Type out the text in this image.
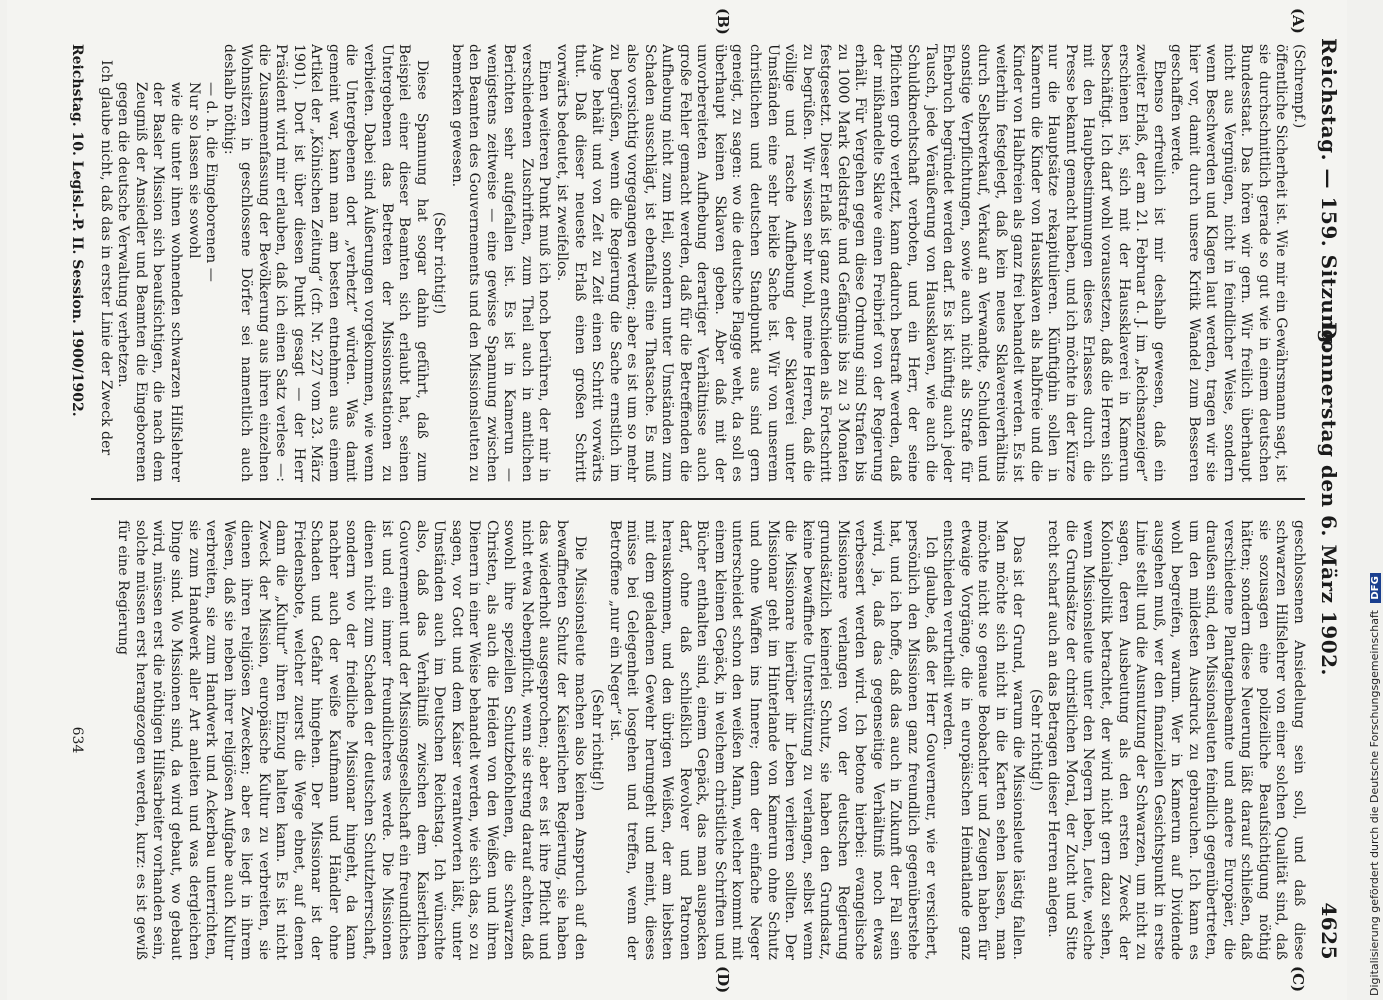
Reichstag. — 159. Sitzung.
Donnerstag den 6. März 1902.
4625
(A)
(B)
(C)
(D)

(Schrempf.)

öffentliche Sicherheit ist. Wie mir ein Gewährsmann sagt, ist sie durchschnittlich gerade so gut wie in einem deutschen Bundesstaat. Das hören wir gern. Wir freilich überhaupt nicht aus Vergnügen, nicht in feindlicher Weise, sondern wenn Beschwerden und Klagen laut werden, tragen wir sie hier vor, damit durch unsere Kritik Wandel zum Besseren geschaffen werde.

Ebenso erfreulich ist mir deshalb gewesen, daß ein zweiter Erlaß, der am 21. Februar d. J. im „Reichsanzeiger“ erschienen ist, sich mit der Haussklaverei in Kamerun beschäftigt. Ich darf wohl voraussetzen, daß die Herren sich mit den Hauptbestimmungen dieses Erlasses durch die Presse bekannt gemacht haben, und ich möchte in der Kürze nur die Hauptsätze rekapitulieren. Künftighin sollen in Kamerun die Kinder von Haussklaven als halbfreie und die Kinder von Halbfreien als ganz frei behandelt werden. Es ist weiterhin festgelegt, daß kein neues Sklavereiverhältnis durch Selbstverkauf, Verkauf an Verwandte, Schulden und sonstige Verpflichtungen, sowie auch nicht als Strafe für Ehebruch begründet werden darf. Es ist künftig auch jeder Tausch, jede Veräußerung von Haussklaven, wie auch die Schuldknechtschaft verboten, und ein Herr, der seine Pflichten grob verletzt, kann dadurch bestraft werden, daß der mißhandelte Sklave einen Freibrief von der Regierung erhält. Für Vergehen gegen diese Ordnung sind Strafen bis zu 1000 Mark Geldstrafe und Gefängnis bis zu 3 Monaten festgesetzt. Dieser Erlaß ist ganz entschieden als Fortschritt zu begrüßen. Wir wissen sehr wohl, meine Herren, daß die völlige und rasche Aufhebung der Sklaverei unter Umständen eine sehr heikle Sache ist. Wir von unserem christlichen und deutschen Standpunkt aus sind gern geneigt, zu sagen: wo die deutsche Flagge weht, da soll es überhaupt keinen Sklaven geben. Aber daß mit der unvorbereiteten Aufhebung derartiger Verhältnisse auch große Fehler gemacht werden, daß für die Betreffenden die Aufhebung nicht zum Heil, sondern unter Umständen zum Schaden ausschlägt, ist ebenfalls eine Thatsache. Es muß also vorsichtig vorgegangen werden; aber es ist um so mehr zu begrüßen, wenn die Regierung die Sache ernstlich im Auge behält und von Zeit zu Zeit einen Schritt vorwärts thut. Daß dieser neueste Erlaß einen großen Schritt vorwärts bedeutet, ist zweifellos.

Einen weiteren Punkt muß ich noch berühren, der mir in verschiedenen Zuschriften, zum Theil auch in amtlichen Berichten sehr aufgefallen ist. Es ist in Kamerun — wenigstens zeitweise — eine gewisse Spannung zwischen den Beamten des Gouvernements und den Missionsleuten zu bemerken gewesen.

(Sehr richtig!)

Diese Spannung hat sogar dahin geführt, daß zum Beispiel einer dieser Beamten sich erlaubt hat, seinen Untergebenen das Betreten der Missionsstationen zu verbieten. Dabei sind Äußerungen vorgekommen, wie wenn die Untergebenen dort „verhetzt“ würden. Was damit gemeint war, kann man am besten entnehmen aus einem Artikel der „Kölnischen Zeitung“ (cfr. Nr. 227 vom 23. März 1901). Dort ist über diesen Punkt gesagt — der Herr Präsident wird mir erlauben, daß ich einen Satz verlese —: die Zusammenfassung der Bevölkerung aus ihren einzelnen Wohnsitzen in geschlossene Dörfer sei namentlich auch deshalb nöthig:

— d. h. die Eingeborenen —

Nur so lassen sie sowohl

wie die unter ihnen wohnenden schwarzen Hilfslehrer der Basler Mission sich beaufsichtigen, die nach dem Zeugniß der Ansiedler und Beamten die Eingeborenen gegen die deutsche Verwaltung verhetzen.

Ich glaube nicht, daß das in erster Linie der Zweck der

geschlossenen Ansiedelung sein soll, und daß diese schwarzen Hilfslehrer von einer solchen Qualität sind, daß sie sozusagen eine polizeiliche Beaufsichtigung nöthig hätten; sondern diese Neuerung läßt darauf schließen, daß verschiedene Plantagenbeamte und andere Europäer, die draußen sind, den Missionsleuten feindlich gegenübertreten, um den mildesten Ausdruck zu gebrauchen. Ich kann es wohl begreifen, warum. Wer in Kamerun auf Dividende ausgehen muß, wer den finanziellen Gesichtspunkt in erste Linie stellt und die Ausnutzung der Schwarzen, um nicht zu sagen, deren Ausbeutung als den ersten Zweck der Kolonialpolitik betrachtet, der wird nicht gern dazu sehen, wenn Missionsleute unter den Negern leben, Leute, welche die Grundsätze der christlichen Moral, der Zucht und Sitte recht scharf auch an das Betragen dieser Herren anlegen.

(Sehr richtig!)

Das ist der Grund, warum die Missionsleute lästig fallen. Man möchte sich nicht in die Karten sehen lassen, man möchte nicht so genaue Beobachter und Zeugen haben für etwaige Vorgänge, die in europäischen Heimatlande ganz entschieden verurtheilt werden.

Ich glaube, daß der Herr Gouverneur, wie er versichert, persönlich den Missionen ganz freundlich gegenüberstehe hat, und ich hoffe, daß das auch in Zukunft der Fall sein wird, ja, daß das gegenseitige Verhältniß noch etwas verbessert werden wird. Ich betone hierbei: evangelische Missionare verlangen von der deutschen Regierung grundsätzlich keinerlei Schutz, sie haben den Grundsatz, keine bewaffnete Unterstützung zu verlangen, selbst wenn die Missionare hierüber ihr Leben verlieren sollten. Der Missionar geht im Hinterlande von Kamerun ohne Schutz und ohne Waffen ins Innere; denn der einfache Neger unterscheidet schon den weißen Mann, welcher kommt mit einem kleinen Gepäck, in welchem christliche Schriften und Bücher enthalten sind, einem Gepäck, das man auspacken darf, ohne daß schließlich Revolver und Patronen herauskommen, und den übrigen Weißen, der am liebsten mit dem geladenen Gewehr herumgeht und meint, dieses müsse bei Gelegenheit losgehen und treffen, wenn der Betroffene „nur ein Neger“ ist.

(Sehr richtig!)

Die Missionsleute machen also keinen Anspruch auf den bewaffneten Schutz der Kaiserlichen Regierung, sie haben das wiederholt ausgesprochen; aber es ist ihre Pflicht und nicht etwa Nebenpflicht, wenn sie streng darauf achten, daß sowohl ihre speziellen Schutzbefohlenen, die schwarzen Christen, als auch die Heiden von den Weißen und ihren Dienern in einer Weise behandelt werden, wie sich das, so zu sagen, vor Gott und dem Kaiser verantworten läßt, unter Umständen auch im Deutschen Reichstag. Ich wünschte also, daß das Verhältniß zwischen dem Kaiserlichen Gouvernement und der Missionsgesellschaft ein freundliches ist und ein immer freundlicheres werde. Die Missionen dienen nicht zum Schaden der deutschen Schutzherrschaft, sondern wo der friedliche Missionar hingeht, da kann nachher auch der weiße Kaufmann und Händler ohne Schaden und Gefahr hingehen. Der Missionar ist der Friedensbote, welcher zuerst die Wege ebnet, auf denen dann die „Kultur“ ihren Einzug halten kann. Es ist nicht Zweck der Mission, europäische Kultur zu verbreiten, sie dienen ihren religiösen Zwecken; aber es liegt in ihrem Wesen, daß sie neben ihrer religiösen Aufgabe auch Kultur verbreiten, sie zum Handwerk und Ackerbau unterrichten, sie zum Handwerk aller Art anleiten und was dergleichen Dinge sind. Wo Missionen sind, da wird gebaut, wo gebaut wird, müssen erst die nöthigen Hilfsarbeiter vorhanden sein, solche müssen erst herangezogen werden, kurz: es ist gewiß für eine Regierung

Reichstag. 10. Legisl.-P. II. Session. 1900/1902.
634	Digitalisierung gefördert durch die Deutsche Forschungsgemeinschaft DFG
